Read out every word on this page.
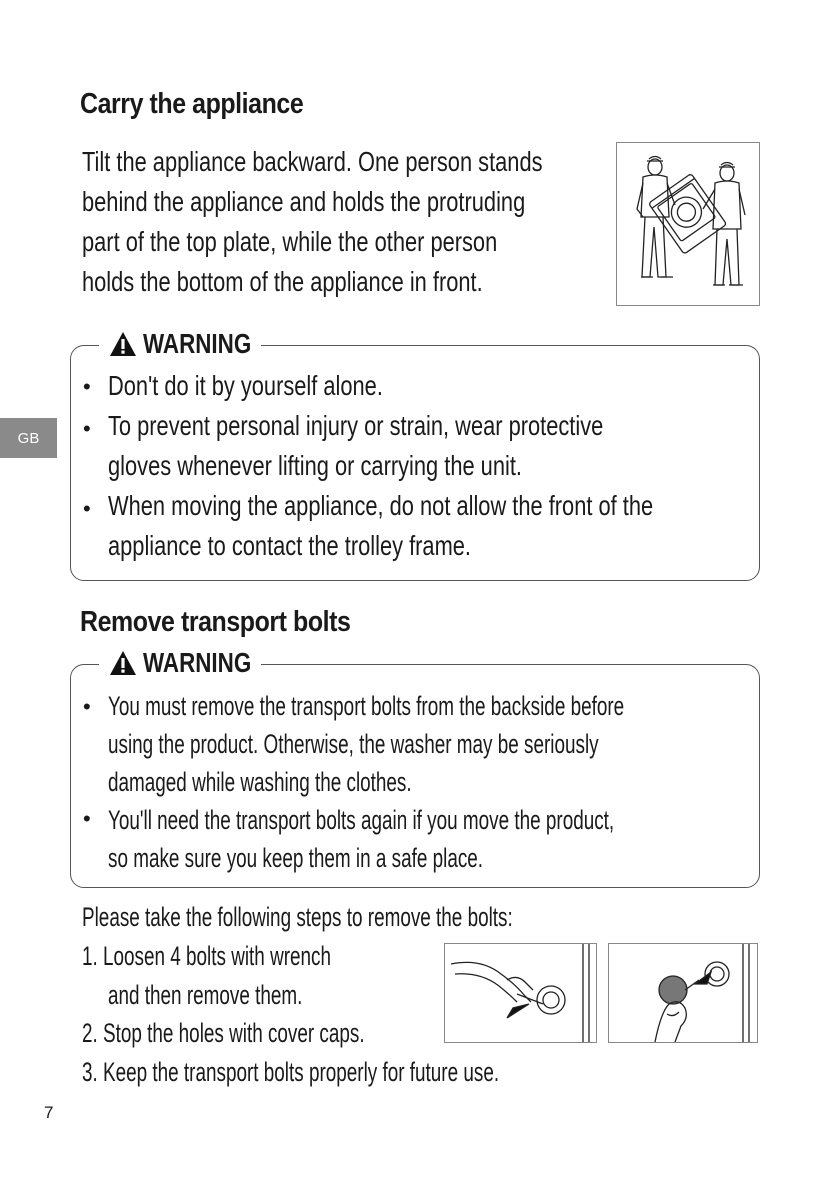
Carry the appliance
Tilt the appliance backward. One person stands
behind the appliance and holds the protruding
part of the top plate, while the other person
holds the bottom of the appliance in front.
GB
WARNING
•
•
•
Don't do it by yourself alone.
To prevent personal injury or strain, wear protective
gloves whenever lifting or carrying the unit.
When moving the appliance, do not allow the front of the
appliance to contact the trolley frame.
Remove transport bolts
WARNING
•
•
You must remove the transport bolts from the backside before
using the product. Otherwise, the washer may be seriously
damaged while washing the clothes.
You'll need the transport bolts again if you move the product,
so make sure you keep them in a safe place.
Please take the following steps to remove the bolts:
1. Loosen 4 bolts with wrench
and then remove them.
2. Stop the holes with cover caps.
3. Keep the transport bolts properly for future use.
7
